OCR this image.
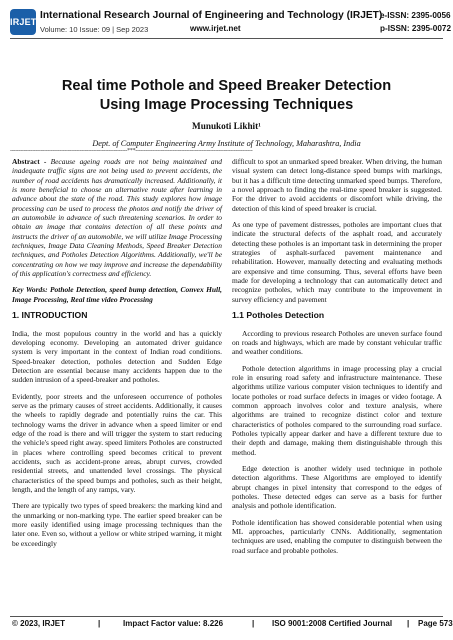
IRJET
International Research Journal of Engineering and Technology (IRJET)
e-ISSN: 2395-0056
p-ISSN: 2395-0072
Volume: 10 Issue: 09 | Sep 2023	www.irjet.net
Real time Pothole and Speed Breaker Detection Using Image Processing Techniques
Munukoti Likhit¹
Dept. of Computer Engineering Army Institute of Technology, Maharashtra, India
---------------------------------------------------------------------***---------------------------------------------------------------------

Abstract - Because ageing roads are not being maintained and inadequate traffic signs are not being used to prevent accidents, the number of road accidents has dramatically increased. Additionally, it is more beneficial to choose an alternative route after learning in advance about the state of the road. This study explores how image processing can be used to process the photos and notify the driver of an automobile in advance of such threatening scenarios. In order to obtain an image that contains detection of all these points and instructs the driver of an automobile, we will utilize Image Processing techniques, Image Data Cleaning Methods, Speed Breaker Detection techniques, and Potholes Detection Algorithms. Additionally, we'll be concentrating on how we may improve and increase the dependability of this application's correctness and efficiency.

Key Words: Pothole Detection, speed bump detection, Convex Hull, Image Processing, Real time video Processing

1. INTRODUCTION

India, the most populous country in the world and has a quickly developing economy. Developing an automated driver guidance system is very important in the context of Indian road conditions. Speed-breaker detection, potholes detection and Sudden Edge Detection are essential because many accidents happen due to the sudden intrusion of a speed-breaker and potholes.

Evidently, poor streets and the unforeseen occurrence of potholes serve as the primary causes of street accidents. Additionally, it causes the wheels to rapidly degrade and potentially ruins the car. This technology warns the driver in advance when a speed limiter or end edge of the road is there and will trigger the system to start reducing the vehicle's speed right away. speed limiters Potholes are constructed in places where controlling speed becomes critical to prevent accidents, such as accident-prone areas, abrupt curves, crowded residential streets, and unattended level crossings. The physical characteristics of the speed bumps and potholes, such as their height, length, and the length of any ramps, vary.

There are typically two types of speed breakers: the marking kind and the unmarking or non-marking type. The earlier speed breaker can be more easily identified using image processing techniques than the later one. Even so, without a yellow or white striped warning, it might be exceedingly

difficult to spot an unmarked speed breaker. When driving, the human visual system can detect long-distance speed bumps with markings, but it has a difficult time detecting unmarked speed bumps. Therefore, a novel approach to finding the real-time speed breaker is suggested. For the driver to avoid accidents or discomfort while driving, the detection of this kind of speed breaker is crucial.

As one type of pavement distresses, potholes are important clues that indicate the structural defects of the asphalt road, and accurately detecting these potholes is an important task in determining the proper strategies of asphalt-surfaced pavement maintenance and rehabilitation. However, manually detecting and evaluating methods are expensive and time consuming. Thus, several efforts have been made for developing a technology that can automatically detect and recognize potholes, which may contribute to the improvement in survey efficiency and pavement

1.1 Potholes Detection

According to previous research Potholes are uneven surface found on roads and highways, which are made by constant vehicular traffic and weather conditions.

Pothole detection algorithms in image processing play a crucial role in ensuring road safety and infrastructure maintenance. These algorithms utilize various computer vision techniques to identify and locate potholes or road surface defects in images or video footage. A common approach involves color and texture analysis, where algorithms are trained to recognize distinct color and texture characteristics of potholes compared to the surrounding road surface. Potholes typically appear darker and have a different texture due to their depth and damage, making them distinguishable through this method.

Edge detection is another widely used technique in pothole detection algorithms. These Algorithms are employed to identify abrupt changes in pixel intensity that correspond to the edges of potholes. These detected edges can serve as a basis for further analysis and pothole identification.

Pothole identification has showed considerable potential when using ML approaches, particularly CNNs. Additionally, segmentation techniques are used, enabling the computer to distinguish between the road surface and probable potholes.

© 2023, IRJET	|	Impact Factor value: 8.226	| ISO 9001:2008 Certified Journal | Page 573
